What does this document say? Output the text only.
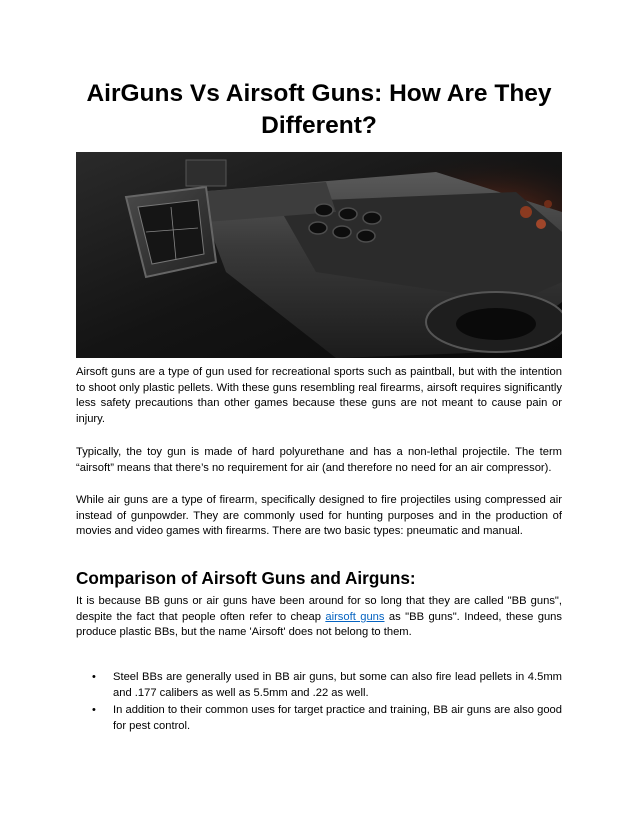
AirGuns Vs Airsoft Guns: How Are They Different?

Airsoft guns are a type of gun used for recreational sports such as paintball, but with the intention to shoot only plastic pellets. With these guns resembling real firearms, airsoft requires significantly less safety precautions than other games because these guns are not meant to cause pain or injury.

Typically, the toy gun is made of hard polyurethane and has a non-lethal projectile. The term “airsoft” means that there’s no requirement for air (and therefore no need for an air compressor).

While air guns are a type of firearm, specifically designed to fire projectiles using compressed air instead of gunpowder. They are commonly used for hunting purposes and in the production of movies and video games with firearms. There are two basic types: pneumatic and manual.

Comparison of Airsoft Guns and Airguns:

It is because BB guns or air guns have been around for so long that they are called "BB guns", despite the fact that people often refer to cheap airsoft guns as "BB guns". Indeed, these guns produce plastic BBs, but the name 'Airsoft' does not belong to them.

• Steel BBs are generally used in BB air guns, but some can also fire lead pellets in 4.5mm and .177 calibers as well as 5.5mm and .22 as well.
• In addition to their common uses for target practice and training, BB air guns are also good for pest control.
